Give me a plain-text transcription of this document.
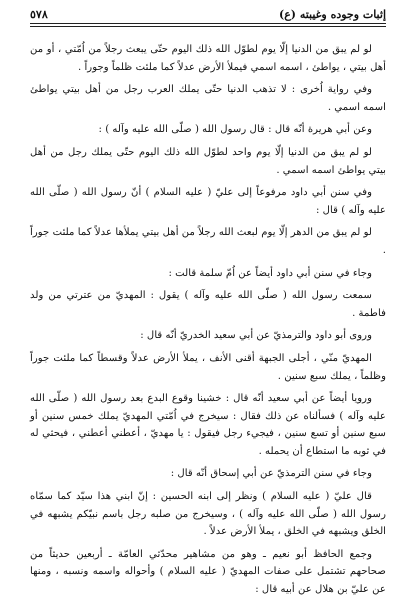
إثبات وجوده وغيبته (ع)
٥٧٨

لو لم يبق من الدنيا إلّا يوم لطوّل الله ذلك اليوم حتّى يبعث رجلاً من اُمّتي ، أو من أهل بيتي ، يواطئ ، اسمه اسمي فيملأ الأرض عدلاً كما ملئت ظلماً وجوراً .

وفي رواية اُخرى : لا تذهب الدنيا حتّى يملك العرب رجل من أهل بيتي يواطئ اسمه اسمي .

وعن أبي هريرة أنّه قال : قال رسول الله ( صلّى الله عليه وآله ) :

لو لم يبق من الدنيا إلّا يوم واحد لطوّل الله ذلك اليوم حتّى يملك رجل من أهل بيتي يواطئ اسمه اسمي .

وفي سنن أبي داود مرفوعاً إلى عليّ ( عليه السلام ) أنّ رسول الله ( صلّى الله عليه وآله ) قال :

لو لم يبق من الدهر إلّا يوم لبعث الله رجلاً من أهل بيتي يملأها عدلاً كما ملئت جوراً .

وجاء في سنن أبي داود أيضاً عن اُمّ سلمة قالت :

سمعت رسول الله ( صلّى الله عليه وآله ) يقول : المهديّ من عترتي من ولد فاطمة .

وروى أبو داود والترمذيّ عن أبي سعيد الخدريّ أنّه قال :

المهديّ منّي ، أجلى الجبهة أقنى الأنف ، يملأ الأرض عدلاً وقسطاً كما ملئت جوراً وظلماً ، يملك سبع سنين .

ورويا أيضاً عن أبي سعيد أنّه قال : خشينا وقوع البدع بعد رسول الله ( صلّى الله عليه وآله ) فسألناه عن ذلك فقال : سيخرج في اُمّتي المهديّ يملك خمس سنين أو سبع سنين أو تسع سنين ، فيجيء رجل فيقول : يا مهديّ ، أعطني أعطني ، فيحثي له في ثوبه ما استطاع أن يحمله .

وجاء في سنن الترمذيّ عن أبي إسحاق أنّه قال :

قال عليّ ( عليه السلام ) ونظر إلى ابنه الحسين : إنّ ابني هذا سيّد كما سمّاه رسول الله ( صلّى الله عليه وآله ) ، وسيخرج من صلبه رجل باسم نبيّكم يشبهه في الخلق ويشبهه في الخلق ، يملأ الأرض عدلاً .

وجمع الحافظ أبو نعيم ـ وهو من مشاهير محدّثي العامّة ـ أربعين حديثاً من صحاحهم تشتمل على صفات المهديّ ( عليه السلام ) وأحواله واسمه ونسبه ، ومنها عن عليّ بن هلال عن أبيه قال :
